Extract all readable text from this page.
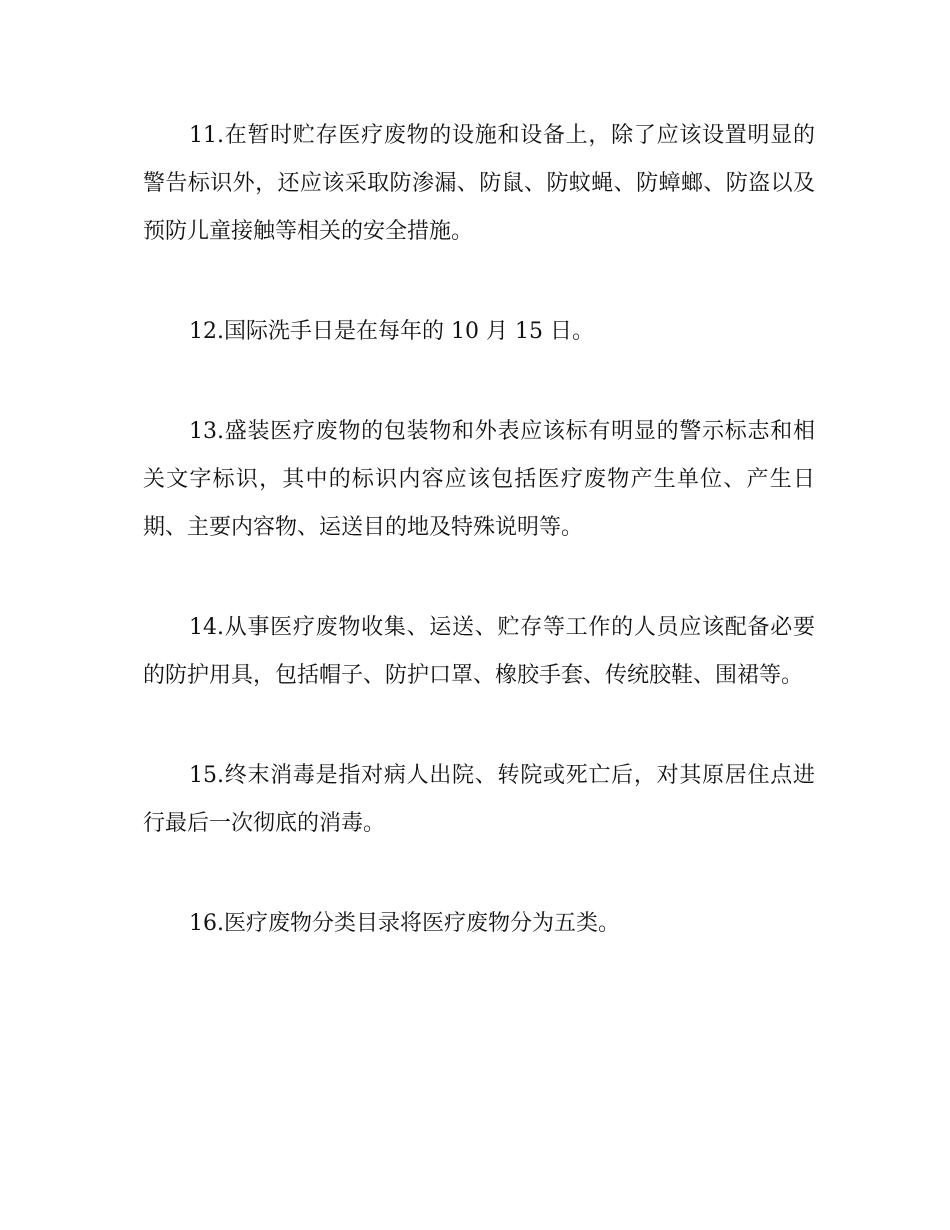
11.在暂时贮存医疗废物的设施和设备上，除了应该设置明显的警告标识外，还应该采取防渗漏、防鼠、防蚊蝇、防蟑螂、防盗以及预防儿童接触等相关的安全措施。

12.国际洗手日是在每年的 10 月 15 日。

13.盛装医疗废物的包装物和外表应该标有明显的警示标志和相关文字标识，其中的标识内容应该包括医疗废物产生单位、产生日期、主要内容物、运送目的地及特殊说明等。

14.从事医疗废物收集、运送、贮存等工作的人员应该配备必要的防护用具，包括帽子、防护口罩、橡胶手套、传统胶鞋、围裙等。

15.终末消毒是指对病人出院、转院或死亡后，对其原居住点进行最后一次彻底的消毒。

16.医疗废物分类目录将医疗废物分为五类。
